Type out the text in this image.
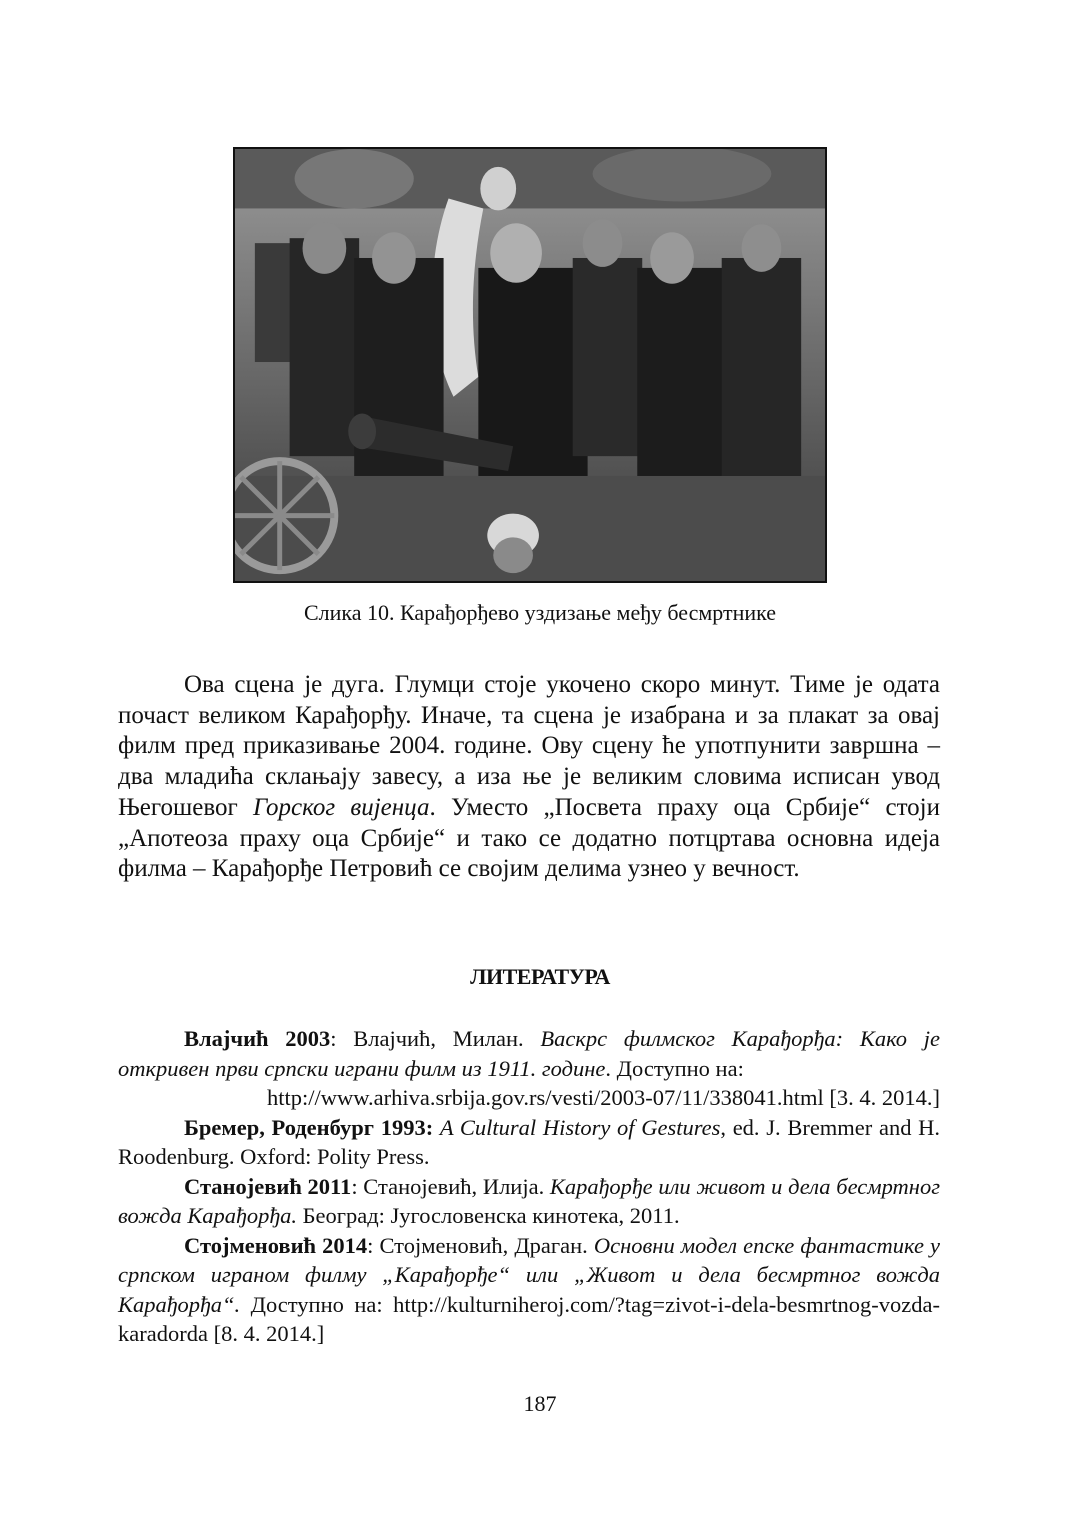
Слика 10. Карађорђево уздизање међу бесмртнике

Ова сцена је дуга. Глумци стоје укочено скоро минут. Тиме је одата почаст великом Карађорђу. Иначе, та сцена је изабрана и за плакат за овај филм пред приказивање 2004. године. Ову сцену ће употпунити завршна – два младића склањају завесу, а иза ње је великим словима исписан увод Његошевог Горског вијенца. Уместо „Посвета праху оца Србије“ стоји „Апотеоза праху оца Србије“ и тако се додатно потцртава основна идеја филма – Карађорђе Петровић се својим делима узнео у вечност.

ЛИТЕРАТУРА

Влајчић 2003: Влајчић, Милан. Васкрс филмског Карађорђа: Како је откривен први српски играни филм из 1911. године. Доступно на:

http://www.arhiva.srbija.gov.rs/vesti/2003-07/11/338041.html [3. 4. 2014.]

Бремер, Роденбург 1993: A Cultural History of Gestures, ed. J. Bremmer and H. Roodenburg. Oxford: Polity Press.

Станојевић 2011: Станојевић, Илија. Карађорђе или живот и дела бесмртног вожда Карађорђа. Београд: Југословенска кинотека, 2011.

Стојменовић 2014: Стојменовић, Драган. Основни модел епске фантастике у српском играном филму „Карађорђе“ или „Живот и дела бесмртног вожда Карађорђа“. Доступно на: http://kulturniheroj.com/?tag=zivot-i-dela-besmrtnog-vozda-karadorda [8. 4. 2014.]

187
